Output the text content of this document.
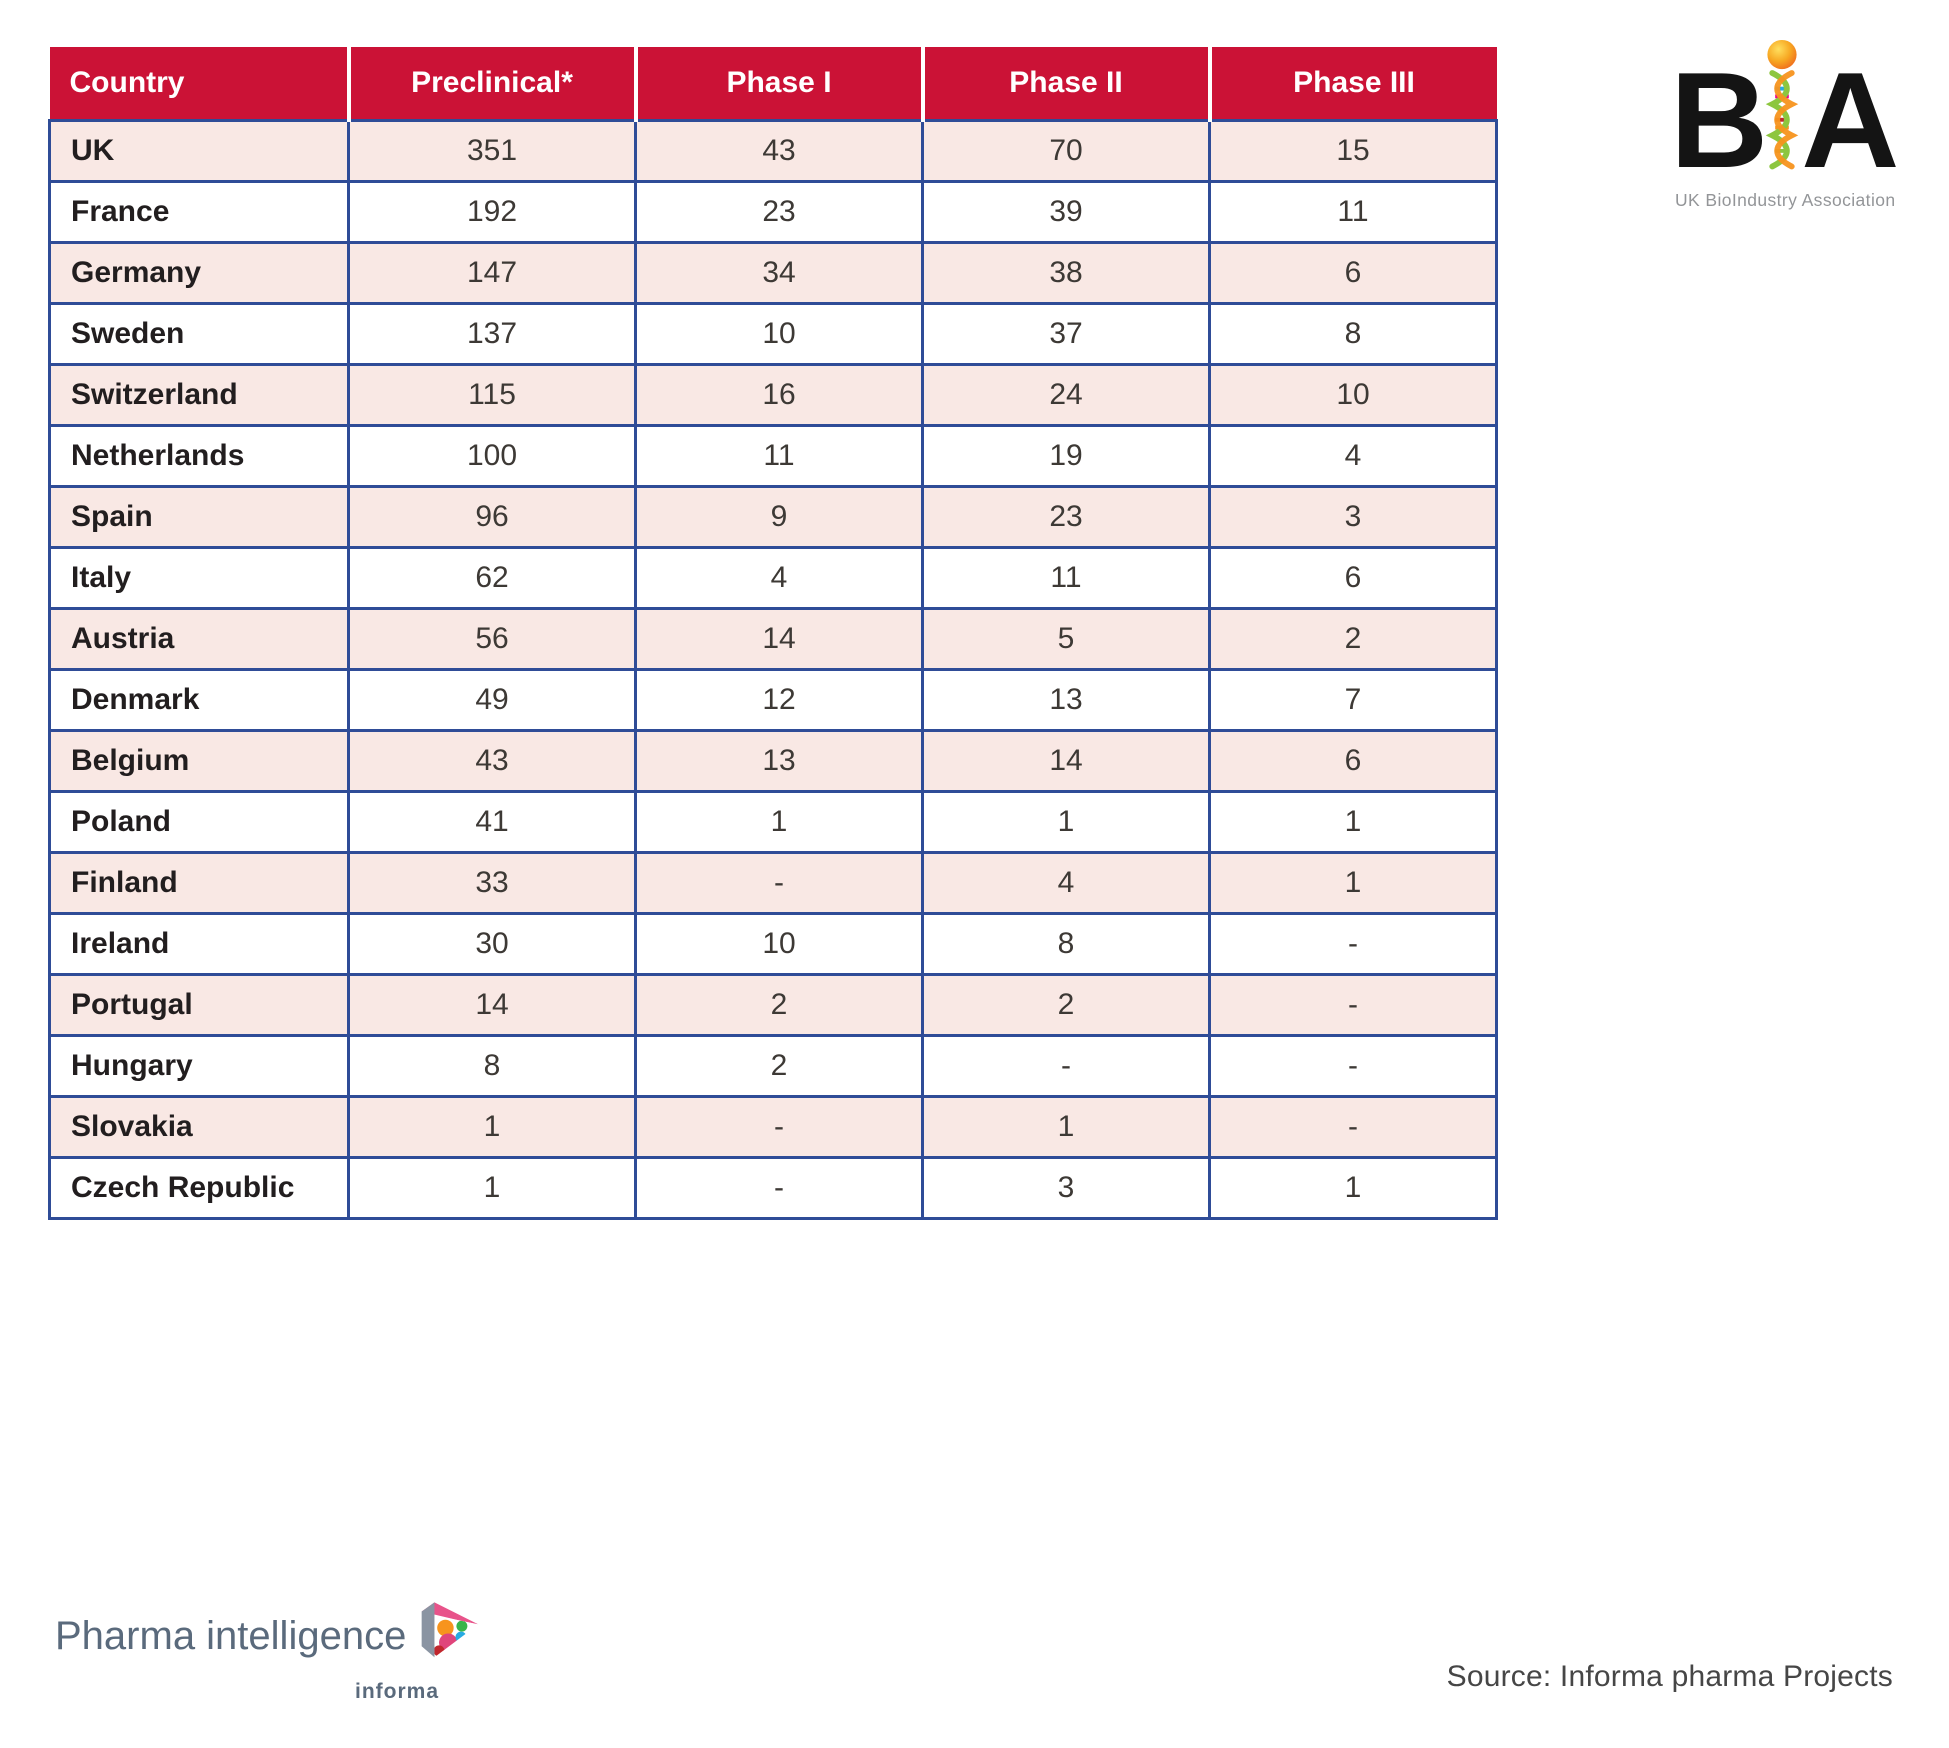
Country	Preclinical*	Phase I	Phase II	Phase III
UK	351	43	70	15
France	192	23	39	11
Germany	147	34	38	6
Sweden	137	10	37	8
Switzerland	115	16	24	10
Netherlands	100	11	19	4
Spain	96	9	23	3
Italy	62	4	11	6
Austria	56	14	5	2
Denmark	49	12	13	7
Belgium	43	13	14	6
Poland	41	1	1	1
Finland	33	-	4	1
Ireland	30	10	8	-
Portugal	14	2	2	-
Hungary	8	2	-	-
Slovakia	1	-	1	-
Czech Republic	1	-	3	1
B A
UK BioIndustry Association
Pharma intelligence
informa	Source: Informa pharma Projects
